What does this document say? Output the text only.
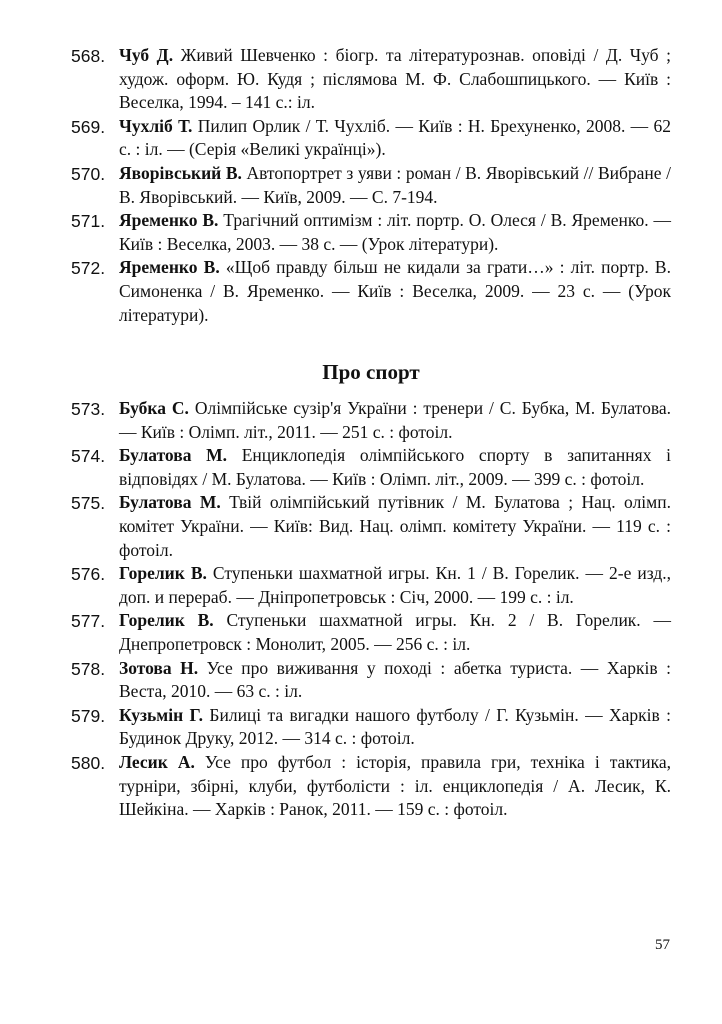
568. Чуб Д. Живий Шевченко : біогр. та літературознав. оповіді / Д. Чуб ; худож. оформ. Ю. Кудя ; післямова М. Ф. Слабошпицького. — Київ : Веселка, 1994. – 141 с.: іл.
569. Чухліб Т. Пилип Орлик / Т. Чухліб. — Київ : Н. Брехуненко, 2008. — 62 с. : іл. — (Серія «Великі українці»).
570. Яворівський В. Автопортрет з уяви : роман / В. Яворівський // Вибране / В. Яворівський. — Київ, 2009. — С. 7-194.
571. Яременко В. Трагічний оптимізм : літ. портр. О. Олеся / В. Яременко. — Київ : Веселка, 2003. — 38 с. — (Урок літератури).
572. Яременко В. «Щоб правду більш не кидали за грати…» : літ. портр. В. Симоненка / В. Яременко. — Київ : Веселка, 2009. — 23 с. — (Урок літератури).
Про спорт
573. Бубка С. Олімпійське сузір'я України : тренери / С. Бубка, М. Булатова. — Київ : Олімп. літ., 2011. — 251 с. : фотоіл.
574. Булатова М. Енциклопедія олімпійського спорту в запитаннях і відповідях / М. Булатова. — Київ : Олімп. літ., 2009. — 399 с. : фотоіл.
575. Булатова М. Твій олімпійський путівник / М. Булатова ; Нац. олімп. комітет України. — Київ: Вид. Нац. олімп. комітету України. — 119 с. : фотоіл.
576. Горелик В. Ступеньки шахматной игры. Кн. 1 / В. Горелик. — 2-е изд., доп. и перераб. — Дніпропетровськ : Січ, 2000. — 199 с. : іл.
577. Горелик В. Ступеньки шахматной игры. Кн. 2 / В. Горелик. — Днепропетровск : Монолит, 2005. — 256 с. : іл.
578. Зотова Н. Усе про виживання у поході : абетка туриста. — Харків : Веста, 2010. — 63 с. : іл.
579. Кузьмін Г. Билиці та вигадки нашого футболу / Г. Кузьмін. — Харків : Будинок Друку, 2012. — 314 с. : фотоіл.
580. Лесик А. Усе про футбол : історія, правила гри, техніка і тактика, турніри, збірні, клуби, футболісти : іл. енциклопедія / А. Лесик, К. Шейкіна. — Харків : Ранок, 2011. — 159 с. : фотоіл.
57
